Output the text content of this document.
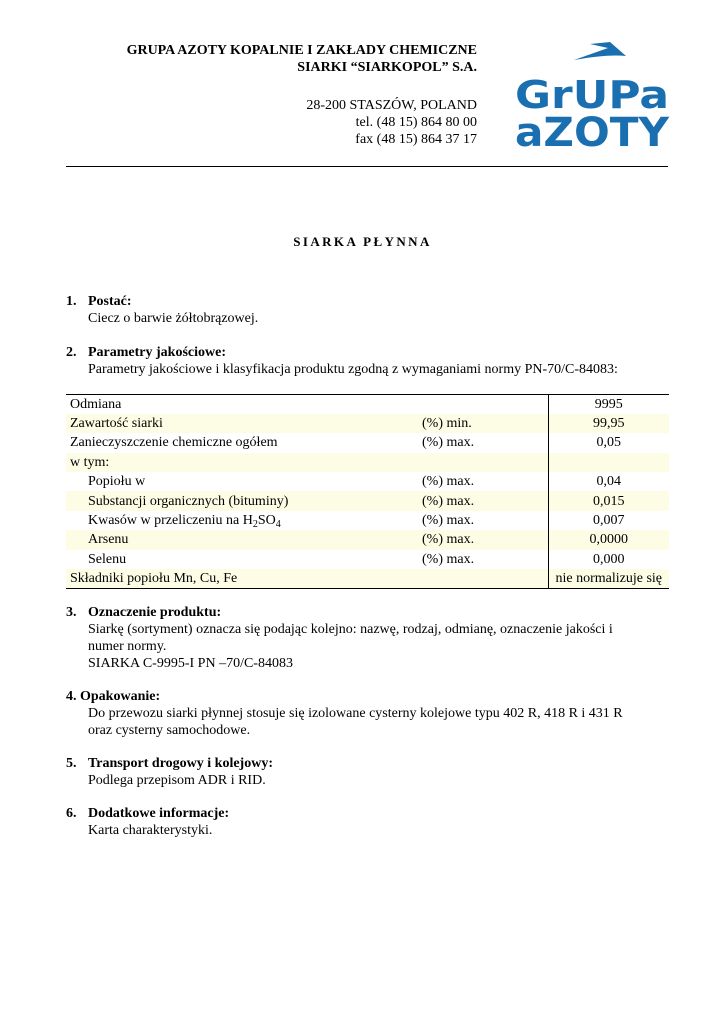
GRUPA AZOTY KOPALNIE I ZAKŁADY CHEMICZNE
SIARKI “SIARKOPOL” S.A.
28-200 STASZÓW, POLAND
tel. (48 15) 864 80 00
fax (48 15) 864 37 17
GrUPa
aZOTY
SIARKA PŁYNNA
1. Postać:
Ciecz o barwie żółtobrązowej.
2. Parametry jakościowe:
Parametry jakościowe i klasyfikacja produktu zgodną z wymaganiami normy PN-70/C-84083:
Odmiana		9995
Zawartość siarki	(%) min.	99,95
Zanieczyszczenie chemiczne ogółem	(%) max.	0,05
w tym:		
Popiołu w	(%) max.	0,04
Substancji organicznych (bituminy)	(%) max.	0,015
Kwasów w przeliczeniu na $H_2SO_4$	(%) max.	0,007
Arsenu	(%) max.	0,0000
Selenu	(%) max.	0,000
Składniki popiołu Mn, Cu, Fe		nie normalizuje się
3. Oznaczenie produktu:
Siarkę (sortyment) oznacza się podając kolejno: nazwę, rodzaj, odmianę, oznaczenie jakości i
numer normy.
SIARKA C-9995-I PN –70/C-84083
4. Opakowanie:
Do przewozu siarki płynnej stosuje się izolowane cysterny kolejowe typu 402 R, 418 R i 431 R
oraz cysterny samochodowe.
5. Transport drogowy i kolejowy:
Podlega przepisom ADR i RID.
6. Dodatkowe informacje:
Karta charakterystyki.
